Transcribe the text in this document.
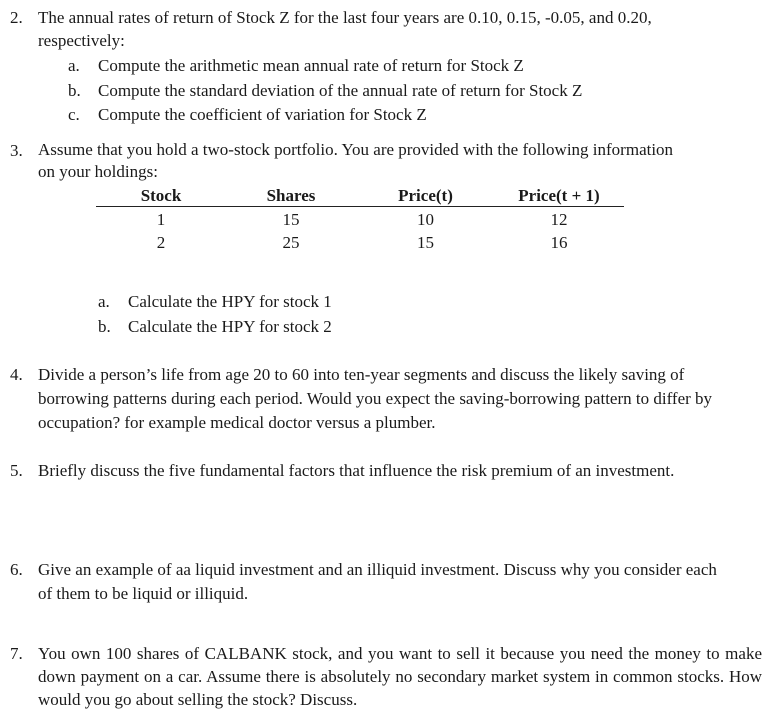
2. The annual rates of return of Stock Z for the last four years are 0.10, 0.15, -0.05, and 0.20, respectively:
a. Compute the arithmetic mean annual rate of return for Stock Z
b. Compute the standard deviation of the annual rate of return for Stock Z
c. Compute the coefficient of variation for Stock Z
3. Assume that you hold a two-stock portfolio. You are provided with the following information on your holdings:
Stock	Shares	Price(t)	Price(t + 1)
1	15	10	12
2	25	15	16
a. Calculate the HPY for stock 1
b. Calculate the HPY for stock 2
4. Divide a person’s life from age 20 to 60 into ten-year segments and discuss the likely saving of borrowing patterns during each period. Would you expect the saving-borrowing pattern to differ by occupation? for example medical doctor versus a plumber.
5. Briefly discuss the five fundamental factors that influence the risk premium of an investment.
6. Give an example of aa liquid investment and an illiquid investment. Discuss why you consider each of them to be liquid or illiquid.
7. You own 100 shares of CALBANK stock, and you want to sell it because you need the money to make down payment on a car. Assume there is absolutely no secondary market system in common stocks. How would you go about selling the stock? Discuss.
